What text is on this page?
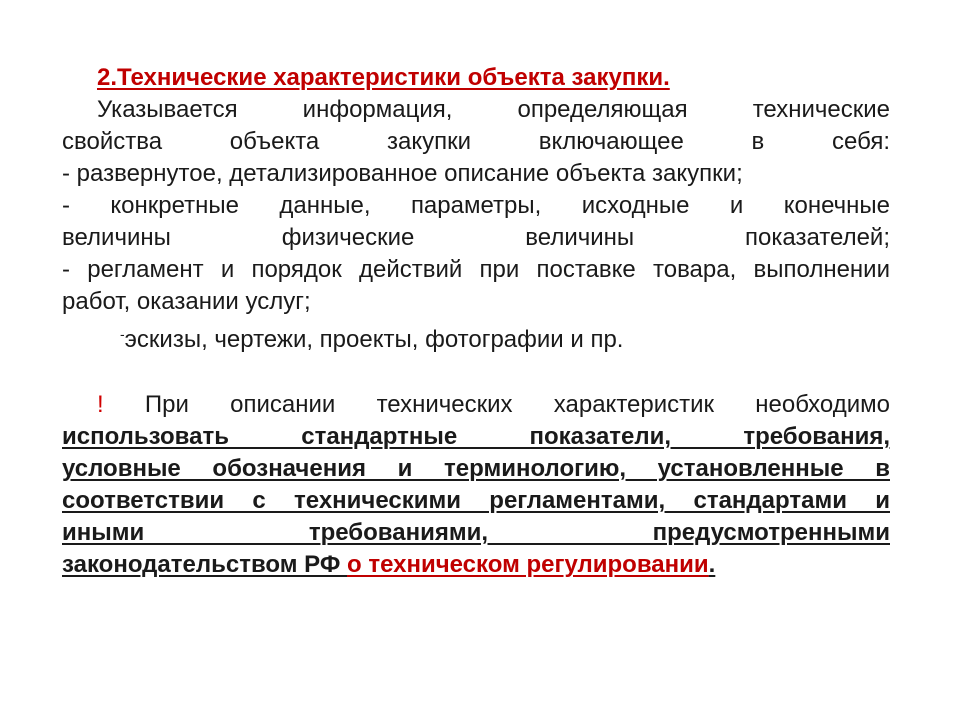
2.Технические характеристики объекта закупки.
Указывается информация, определяющая технические
свойства объекта закупки включающее в себя:
- развернутое, детализированное описание объекта закупки;
- конкретные данные, параметры, исходные и конечные
величины физические величины показателей;
- регламент и порядок действий при поставке товара, выполнении
работ, оказании услуг;
-эскизы, чертежи, проекты, фотографии и пр.
! При описании технических характеристик необходимо
использовать стандартные показатели, требования,
условные обозначения и терминологию, установленные в
соответствии с техническими регламентами, стандартами и
иными требованиями, предусмотренными
законодательством РФ о техническом регулировании.
